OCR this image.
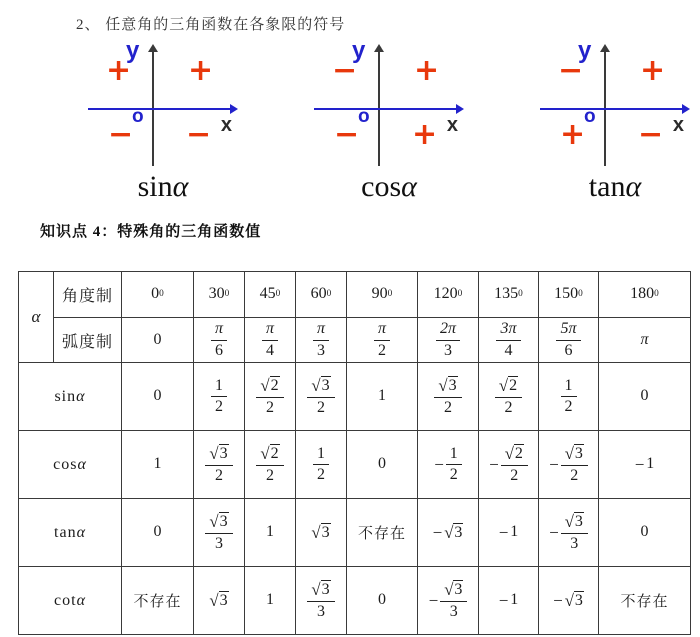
2、 任意角的三角函数在各象限的符号
y
x
o
+ +
− −
sinα
y
x
o
− +
− +
cosα
y
x
o
− +
+ −
tanα
知识点 4：特殊角的三角函数值
α	角度制	0 0	30 0	45 0	60 0	90 0	120 0	135 0	150 0	180 0

	弧度制	0	$\frac{\pi}{6}$	$\frac{\pi}{4}$	$\frac{\pi}{3}$	$\frac{\pi}{2}$	$\frac{2\pi}{3}$	$\frac{3\pi}{4}$	$\frac{5\pi}{6}$	π

sinα		0	$\frac{1}{2}$	$\frac{√ 2}{2}$	$\frac{√ 3}{2}$	1	$\frac{√ 3}{2}$	$\frac{√ 2}{2}$	$\frac{1}{2}$	0
cosα		1	$\frac{√ 3}{2}$	$\frac{√ 2}{2}$	$\frac{1}{2}$	0	− $\frac{1}{2}$	− $\frac{√ 2}{2}$	− $\frac{√ 3}{2}$	− 1
tanα		0	$\frac{√ 3}{3}$	1	√ 3	不存在	− √ 3	− 1	− $\frac{√ 3}{3}$	0
cotα		不存在	√ 3	1	$\frac{√ 3}{3}$	0	− $\frac{√ 3}{3}$	− 1	− √ 3	不存在
